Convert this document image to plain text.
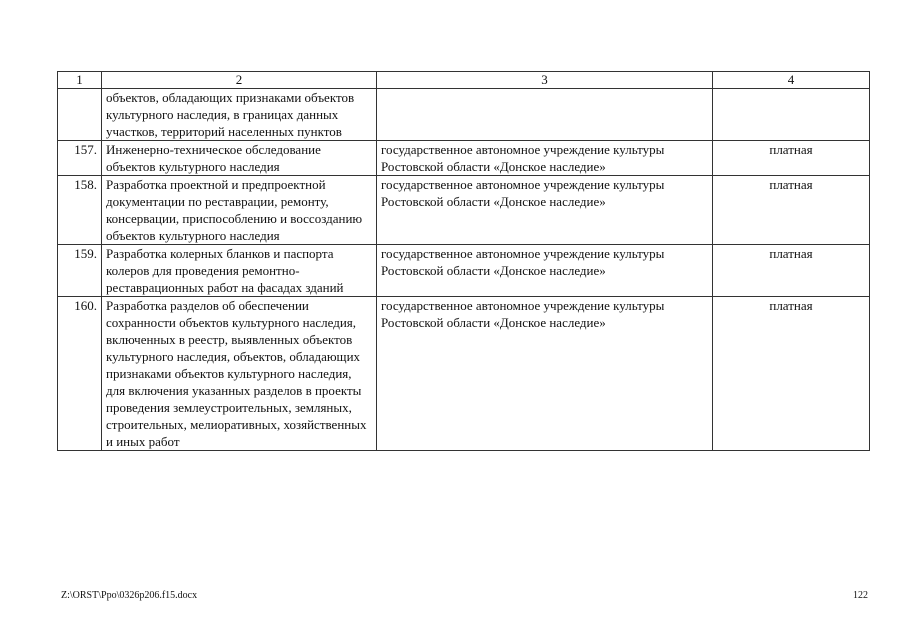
1	2	3	4
	объектов, обладающих признаками объектов культурного наследия, в границах данных участков, территорий населенных пунктов		
157.	Инженерно-техническое обследование объектов культурного наследия	государственное автономное учреждение культуры Ростовской области «Донское наследие»	платная
158.	Разработка проектной и предпроектной документации по реставрации, ремонту, консервации, приспособлению и воссозданию объектов культурного наследия	государственное автономное учреждение культуры Ростовской области «Донское наследие»	платная
159.	Разработка колерных бланков и паспорта колеров для проведения ремонтно-реставрационных работ на фасадах зданий	государственное автономное учреждение культуры Ростовской области «Донское наследие»	платная
160.	Разработка разделов об обеспечении сохранности объектов культурного наследия, включенных в реестр, выявленных объектов культурного наследия, объектов, обладающих признаками объектов культурного наследия, для включения указанных разделов в проекты проведения землеустроительных, земляных, строительных, мелиоративных, хозяйственных и иных работ	государственное автономное учреждение культуры Ростовской области «Донское наследие»	платная
Z:\ORST\Ppo\0326p206.f15.docx	122
